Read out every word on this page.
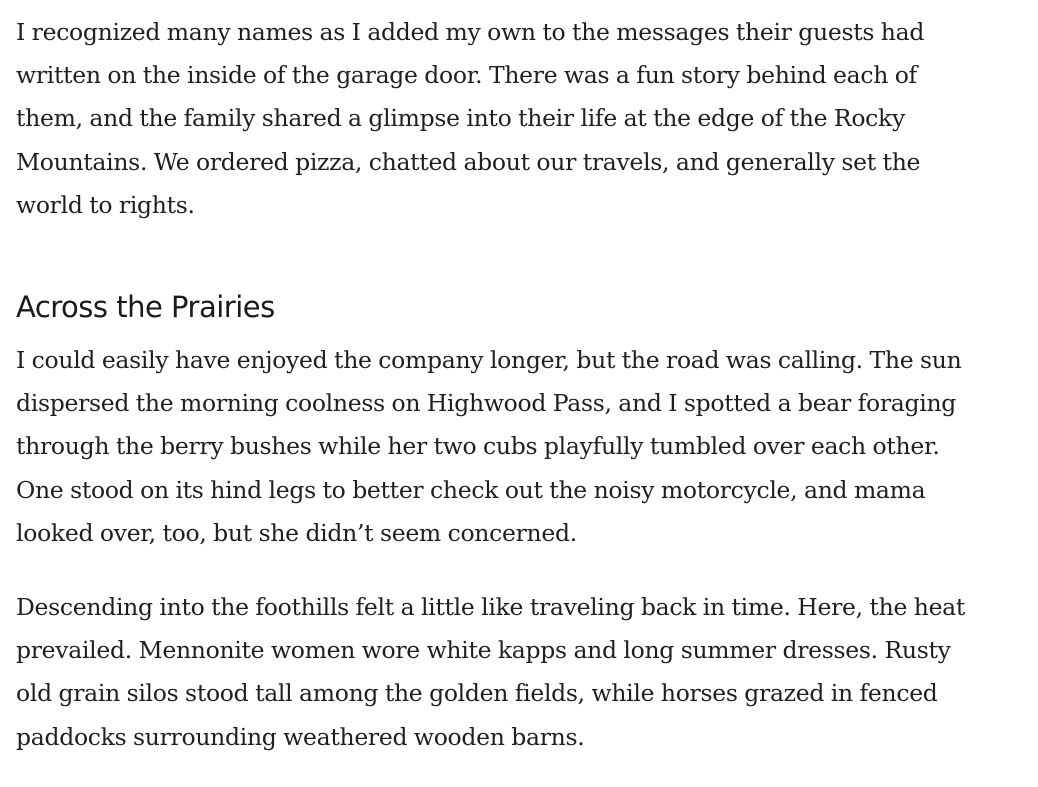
I recognized many names as I added my own to the messages their guests had
written on the inside of the garage door. There was a fun story behind each of
them, and the family shared a glimpse into their life at the edge of the Rocky
Mountains. We ordered pizza, chatted about our travels, and generally set the
world to rights.

Across the Prairies

I could easily have enjoyed the company longer, but the road was calling. The sun
dispersed the morning coolness on Highwood Pass, and I spotted a bear foraging
through the berry bushes while her two cubs playfully tumbled over each other.
One stood on its hind legs to better check out the noisy motorcycle, and mama
looked over, too, but she didn’t seem concerned.

Descending into the foothills felt a little like traveling back in time. Here, the heat
prevailed. Mennonite women wore white kapps and long summer dresses. Rusty
old grain silos stood tall among the golden fields, while horses grazed in fenced
paddocks surrounding weathered wooden barns.
